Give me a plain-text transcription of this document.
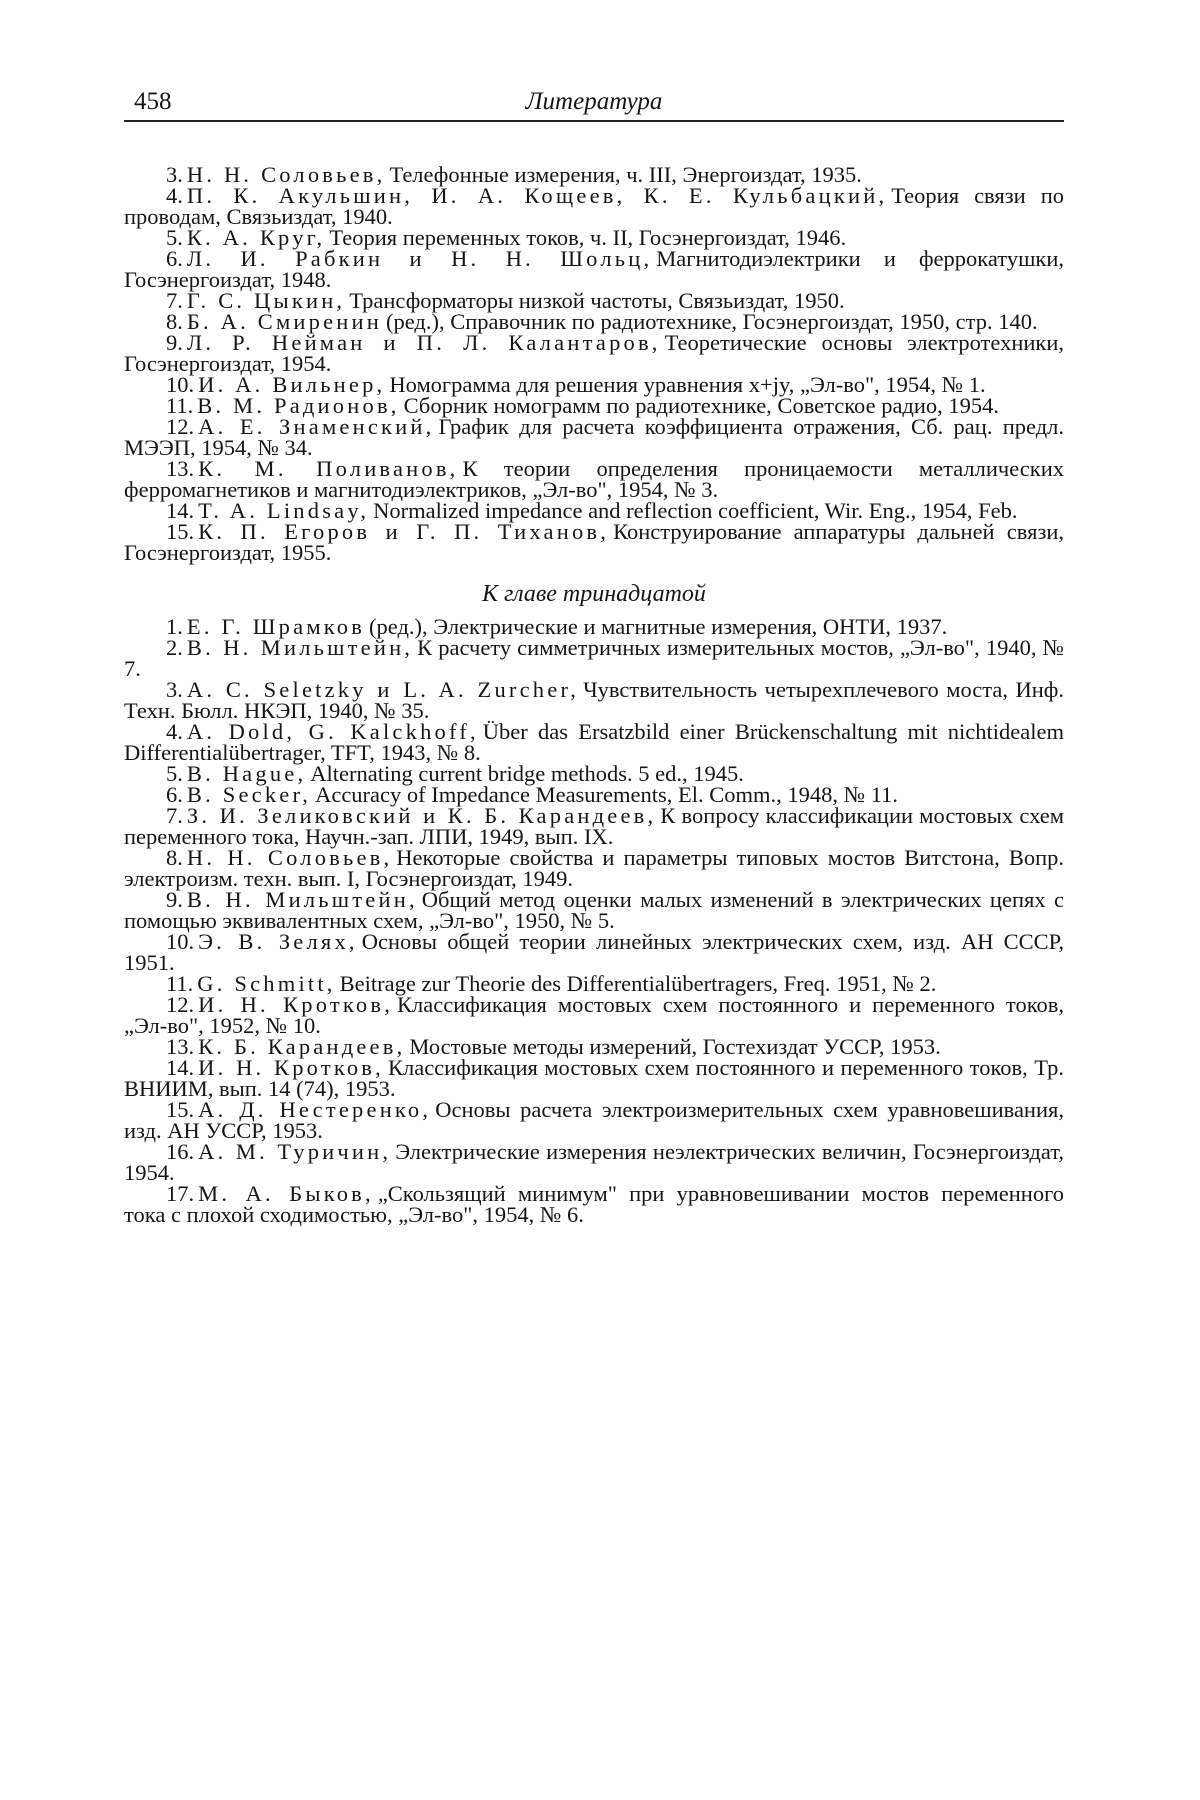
458	Литература

3. Н. Н. Соловьев, Телефонные измерения, ч. III, Энергоиздат, 1935.

4. П. К. Акульшин, И. А. Кощеев, К. Е. Кульбацкий, Теория связи по проводам, Связьиздат, 1940.

5. К. А. Круг, Теория переменных токов, ч. II, Госэнергоиздат, 1946.

6. Л. И. Рабкин и Н. Н. Шольц, Магнитодиэлектрики и феррокатушки, Госэнергоиздат, 1948.

7. Г. С. Цыкин, Трансформаторы низкой частоты, Связьиздат, 1950.

8. Б. А. Смиренин (ред.), Справочник по радиотехнике, Госэнергоиздат, 1950, стр. 140.

9. Л. Р. Нейман и П. Л. Калантаров, Теоретические основы электротехники, Госэнергоиздат, 1954.

10. И. А. Вильнер, Номограмма для решения уравнения x+jy, „Эл-во", 1954, № 1.

11. В. М. Радионов, Сборник номограмм по радиотехнике, Советское радио, 1954.

12. А. Е. Знаменский, График для расчета коэффициента отражения, Сб. рац. предл. МЭЭП, 1954, № 34.

13. К. М. Поливанов, К теории определения проницаемости металлических ферромагнетиков и магнитодиэлектриков, „Эл-во", 1954, № 3.

14. T. A. Lindsay, Normalized impedance and reflection coefficient, Wir. Eng., 1954, Feb.

15. К. П. Егоров и Г. П. Тиханов, Конструирование аппаратуры дальней связи, Госэнергоиздат, 1955.

К главе тринадцатой

1. Е. Г. Шрамков (ред.), Электрические и магнитные измерения, ОНТИ, 1937.

2. В. Н. Мильштейн, К расчету симметричных измерительных мостов, „Эл-во", 1940, № 7.

3. A. C. Seletzky и L. A. Zurcher, Чувствительность четырехплечевого моста, Инф. Техн. Бюлл. НКЭП, 1940, № 35.

4. A. Dold, G. Kalckhoff, Über das Ersatzbild einer Brückenschaltung mit nichtidealem Differentialübertrager, TFT, 1943, № 8.

5. B. Hague, Alternating current bridge methods. 5 ed., 1945.

6. B. Secker, Accuracy of Impedance Measurements, El. Comm., 1948, № 11.

7. З. И. Зеликовский и К. Б. Карандеев, К вопросу классификации мостовых схем переменного тока, Научн.-зап. ЛПИ, 1949, вып. IX.

8. Н. Н. Соловьев, Некоторые свойства и параметры типовых мостов Витстона, Вопр. электроизм. техн. вып. I, Госэнергоиздат, 1949.

9. В. Н. Мильштейн, Общий метод оценки малых изменений в электрических цепях с помощью эквивалентных схем, „Эл-во", 1950, № 5.

10. Э. В. Зелях, Основы общей теории линейных электрических схем, изд. АН СССР, 1951.

11. G. Schmitt, Beitrage zur Theorie des Differentialübertragers, Freq. 1951, № 2.

12. И. Н. Кротков, Классификация мостовых схем постоянного и переменного токов, „Эл-во", 1952, № 10.

13. К. Б. Карандеев, Мостовые методы измерений, Гостехиздат УССР, 1953.

14. И. Н. Кротков, Классификация мостовых схем постоянного и переменного токов, Тр. ВНИИМ, вып. 14 (74), 1953.

15. А. Д. Нестеренко, Основы расчета электроизмерительных схем уравновешивания, изд. АН УССР, 1953.

16. А. М. Туричин, Электрические измерения неэлектрических величин, Госэнергоиздат, 1954.

17. М. А. Быков, „Скользящий минимум" при уравновешивании мостов переменного тока с плохой сходимостью, „Эл-во", 1954, № 6.
